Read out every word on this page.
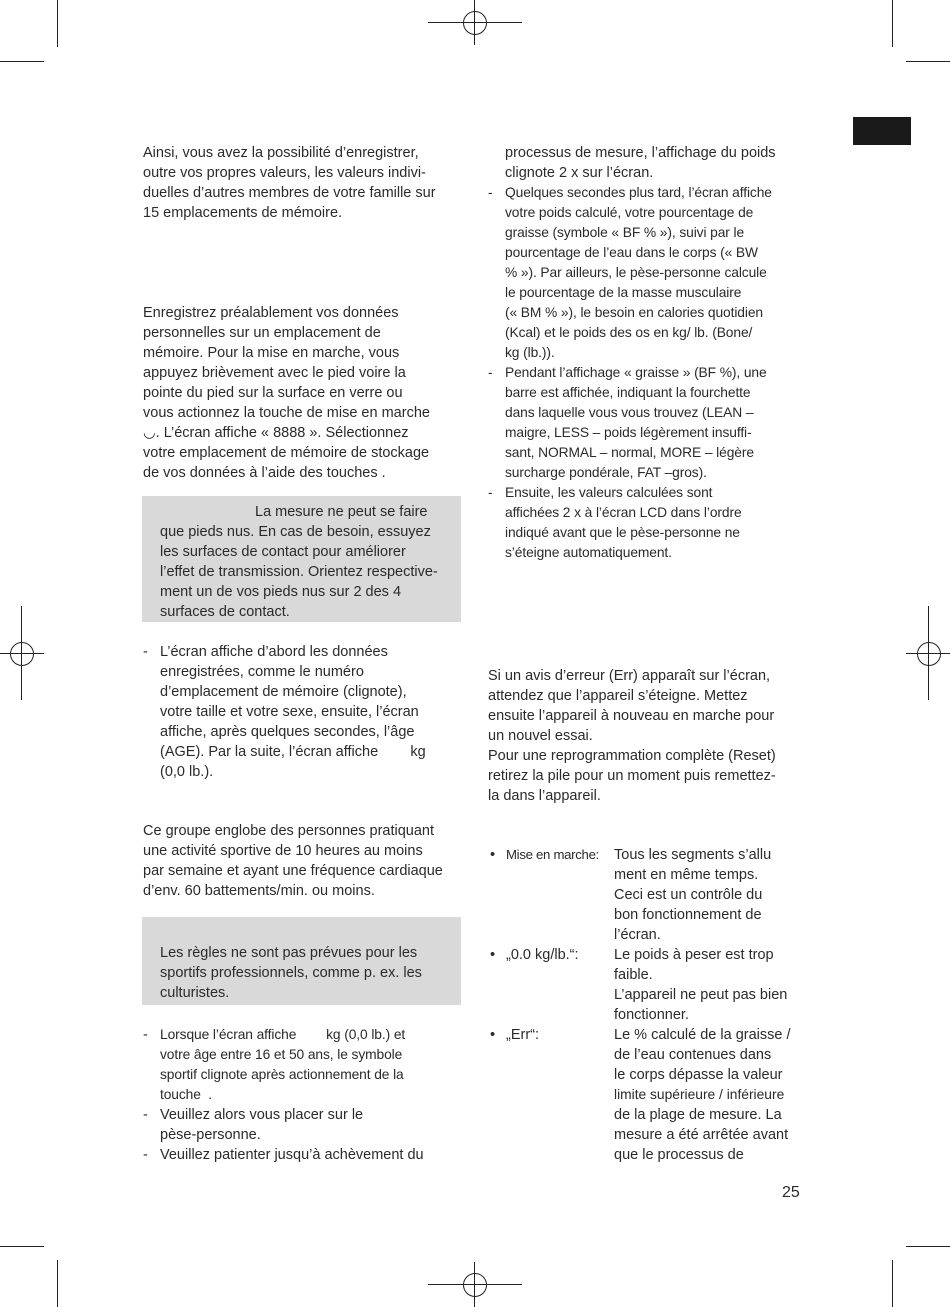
Ainsi, vous avez la possibilité d’enregistrer,

outre vos propres valeurs, les valeurs indivi-

duelles d’autres membres de votre famille sur

15 emplacements de mémoire.

Enregistrez préalablement vos données

personnelles sur un emplacement de

mémoire. Pour la mise en marche, vous

appuyez brièvement avec le pied voire la

pointe du pied sur la surface en verre ou

vous actionnez la touche de mise en marche

◡. L’écran affiche « 8888 ». Sélectionnez

votre emplacement de mémoire de stockage

de vos données à l’aide des touches .

La mesure ne peut se faire

que pieds nus. En cas de besoin, essuyez

les surfaces de contact pour améliorer

l’effet de transmission. Orientez respective-

ment un de vos pieds nus sur 2 des 4

surfaces de contact.

- L’écran affiche d’abord les données
enregistrées, comme le numéro
d’emplacement de mémoire (clignote),
votre taille et votre sexe, ensuite, l’écran
affiche, après quelques secondes, l’âge
(AGE). Par la suite, l’écran affiche        kg
(0,0 lb.).

Ce groupe englobe des personnes pratiquant

une activité sportive de 10 heures au moins

par semaine et ayant une fréquence cardiaque

d’env. 60 battements/min. ou moins.

Les règles ne sont pas prévues pour les

sportifs professionnels, comme p. ex. les

culturistes.

- Lorsque l’écran affiche        kg (0,0 lb.) et
votre âge entre 16 et 50 ans, le symbole
sportif clignote après actionnement de la
touche  .
- Veuillez alors vous placer sur le
pèse-personne.
- Veuillez patienter jusqu’à achèvement du

processus de mesure, l’affichage du poids

clignote 2 x sur l’écran.

- Quelques secondes plus tard, l’écran affiche
votre poids calculé, votre pourcentage de
graisse (symbole « BF % »), suivi par le
pourcentage de l’eau dans le corps (« BW
% »). Par ailleurs, le pèse-personne calcule
le pourcentage de la masse musculaire
(« BM % »), le besoin en calories quotidien
(Kcal) et le poids des os en kg/ lb. (Bone/
kg (lb.)).
- Pendant l’affichage « graisse » (BF %), une
barre est affichée, indiquant la fourchette
dans laquelle vous vous trouvez (LEAN –
maigre, LESS – poids légèrement insuffi-
sant, NORMAL – normal, MORE – légère
surcharge pondérale, FAT –gros).
- Ensuite, les valeurs calculées sont
affichées 2 x à l’écran LCD dans l’ordre
indiqué avant que le pèse-personne ne
s’éteigne automatiquement.

Si un avis d’erreur (Err) apparaît sur l’écran,

attendez que l’appareil s’éteigne. Mettez

ensuite l’appareil à nouveau en marche pour

un nouvel essai.

Pour une reprogrammation complète (Reset)

retirez la pile pour un moment puis remettez-

la dans l’appareil.

• Mise en marche:	Tous les segments s’allu
ment en même temps.
Ceci est un contrôle du
bon fonctionnement de
l’écran.
• „0.0 kg/lb.“:	Le poids à peser est trop
faible.
L’appareil ne peut pas bien
fonctionner.
• „Err“:	Le % calculé de la graisse /
de l’eau contenues dans
le corps dépasse la valeur
limite supérieure / inférieure
de la plage de mesure. La
mesure a été arrêtée avant
que le processus de
25
